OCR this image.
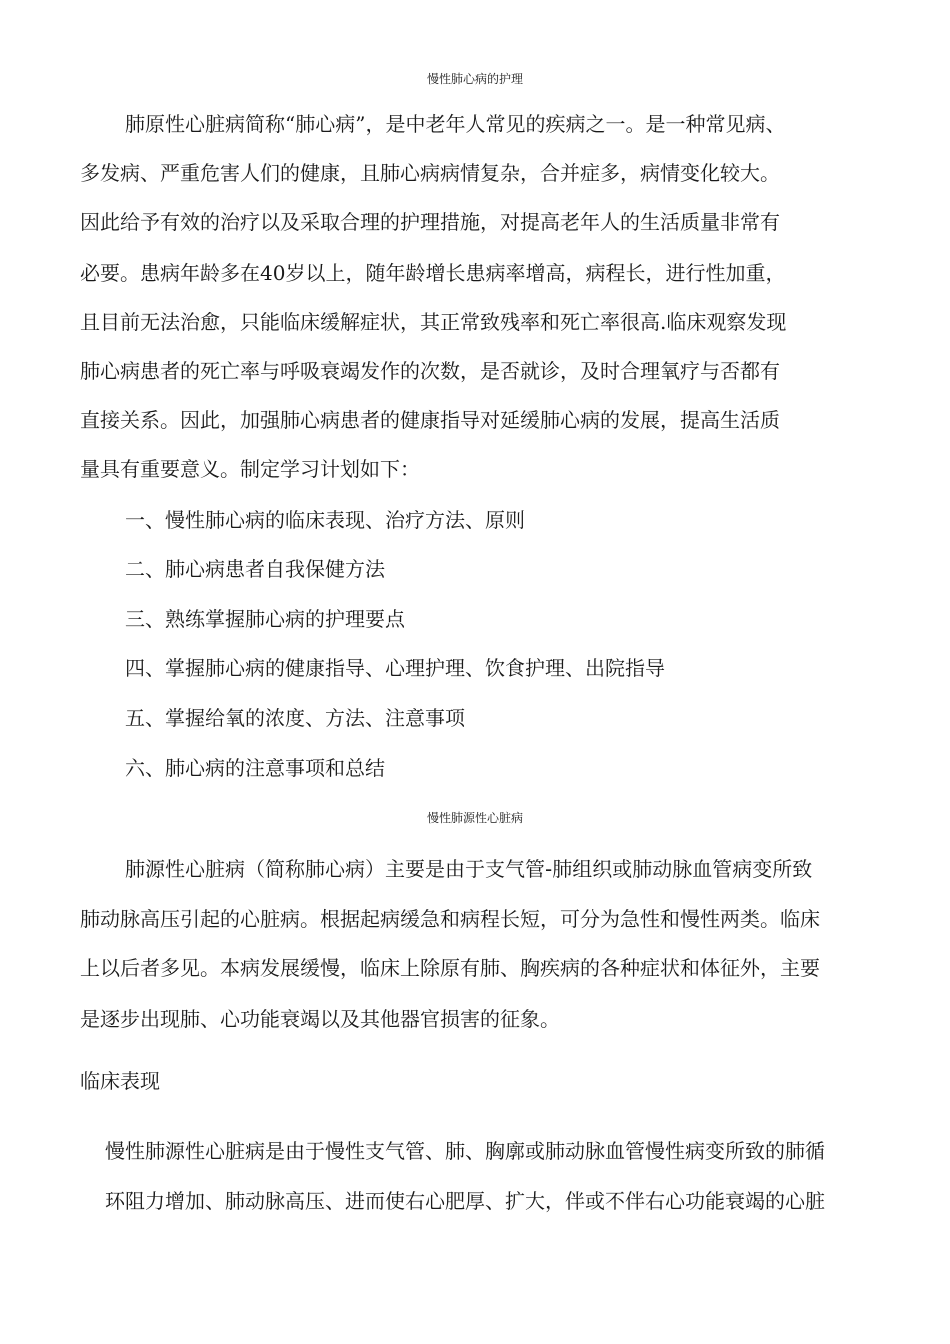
慢性肺心病的护理
肺原性心脏病简称“肺心病”，是中老年人常见的疾病之一。是一种常见病、
多发病、严重危害人们的健康，且肺心病病情复杂，合并症多，病情变化较大。
因此给予有效的治疗以及采取合理的护理措施，对提高老年人的生活质量非常有
必要。患病年龄多在40岁以上，随年龄增长患病率增高，病程长，进行性加重，
且目前无法治愈，只能临床缓解症状，其正常致残率和死亡率很高.临床观察发现
肺心病患者的死亡率与呼吸衰竭发作的次数，是否就诊，及时合理氧疗与否都有
直接关系。因此，加强肺心病患者的健康指导对延缓肺心病的发展，提高生活质
量具有重要意义。制定学习计划如下：
一、慢性肺心病的临床表现、治疗方法、原则
二、肺心病患者自我保健方法
三、熟练掌握肺心病的护理要点
四、掌握肺心病的健康指导、心理护理、饮食护理、出院指导
五、掌握给氧的浓度、方法、注意事项
六、肺心病的注意事项和总结
慢性肺源性心脏病
肺源性心脏病（简称肺心病）主要是由于支气管-肺组织或肺动脉血管病变所致
肺动脉高压引起的心脏病。根据起病缓急和病程长短，可分为急性和慢性两类。临床
上以后者多见。本病发展缓慢，临床上除原有肺、胸疾病的各种症状和体征外，主要
是逐步出现肺、心功能衰竭以及其他器官损害的征象。
临床表现
慢性肺源性心脏病是由于慢性支气管、肺、胸廓或肺动脉血管慢性病变所致的肺循
环阻力增加、肺动脉高压、进而使右心肥厚、扩大，伴或不伴右心功能衰竭的心脏
